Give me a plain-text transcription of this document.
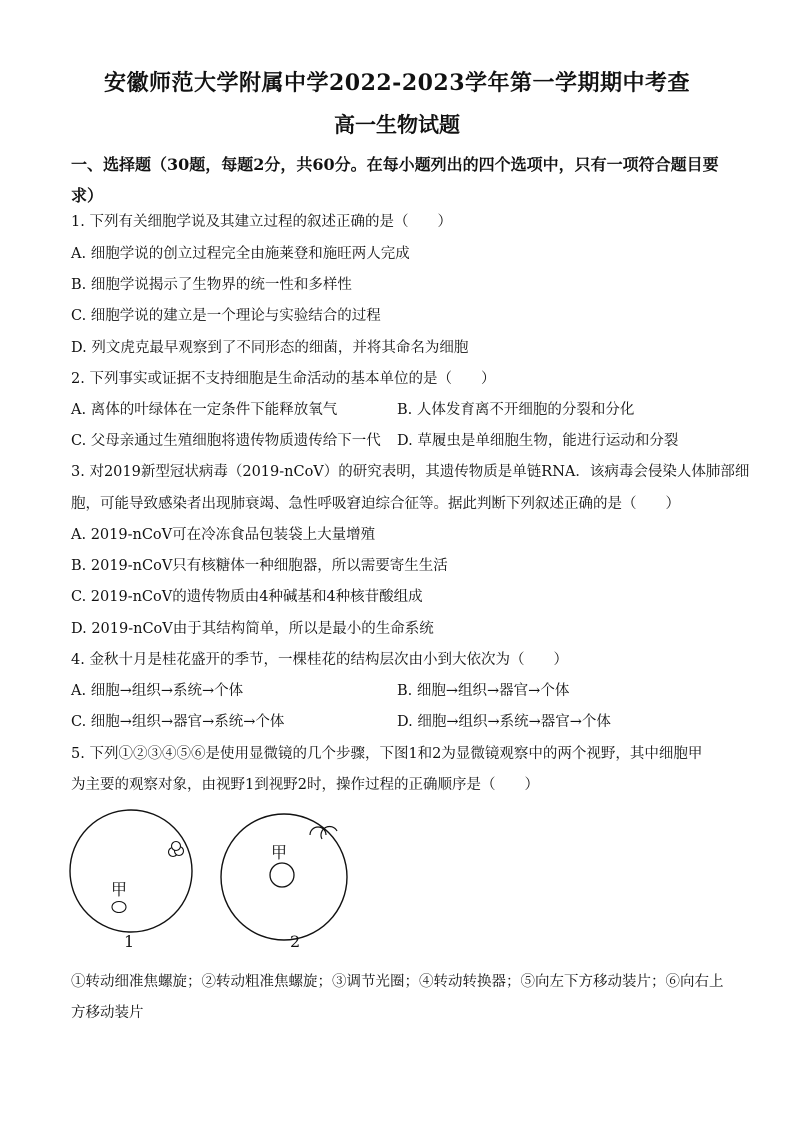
安徽师范大学附属中学2022-2023学年第一学期期中考查
高一生物试题
一、选择题（30题，每题2分，共60分。在每小题列出的四个选项中，只有一项符合题目要求）
1. 下列有关细胞学说及其建立过程的叙述正确的是（　　）
A. 细胞学说的创立过程完全由施莱登和施旺两人完成
B. 细胞学说揭示了生物界的统一性和多样性
C. 细胞学说的建立是一个理论与实验结合的过程
D. 列文虎克最早观察到了不同形态的细菌，并将其命名为细胞
2. 下列事实或证据不支持细胞是生命活动的基本单位的是（　　）
A. 离体的叶绿体在一定条件下能释放氧气	B. 人体发育离不开细胞的分裂和分化
C. 父母亲通过生殖细胞将遗传物质遗传给下一代 D. 草履虫是单细胞生物，能进行运动和分裂
3. 对2019新型冠状病毒（2019-nCoV）的研究表明，其遗传物质是单链RNA．该病毒会侵染人体肺部细
胞，可能导致感染者出现肺衰竭、急性呼吸窘迫综合征等。据此判断下列叙述正确的是（　　）
A. 2019-nCoV可在冷冻食品包装袋上大量增殖
B. 2019-nCoV只有核糖体一种细胞器，所以需要寄生生活
C. 2019-nCoV的遗传物质由4种碱基和4种核苷酸组成
D. 2019-nCoV由于其结构简单，所以是最小的生命系统
4. 金秋十月是桂花盛开的季节，一棵桂花的结构层次由小到大依次为（　　）
A. 细胞→组织→系统→个体	B. 细胞→组织→器官→个体
C. 细胞→组织→器官→系统→个体	D. 细胞→组织→系统→器官→个体
5. 下列①②③④⑤⑥是使用显微镜的几个步骤，下图1和2为显微镜观察中的两个视野，其中细胞甲
为主要的观察对象，由视野1到视野2时，操作过程的正确顺序是（　　）
甲
甲
1	2
①转动细准焦螺旋；②转动粗准焦螺旋；③调节光圈；④转动转换器；⑤向左下方移动装片；⑥向右上
方移动装片
